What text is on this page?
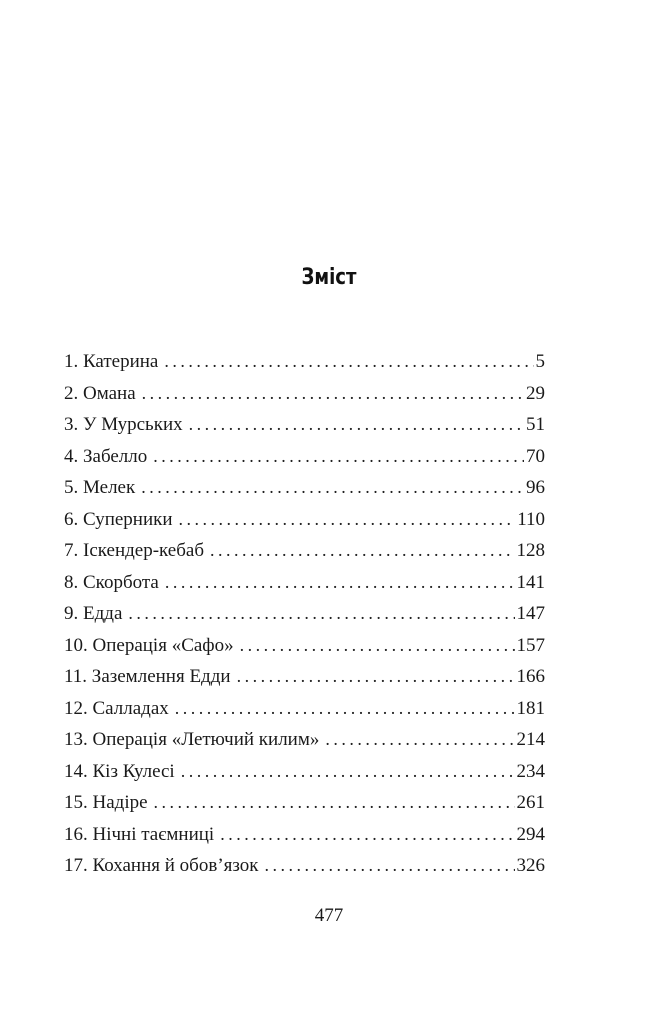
Зміст
1. Катерина . . .	5
2. Омана . . .	29
3. У Мурських . . .	51
4. Забелло . . .	70
5. Мелек . . .	96
6. Суперники . . .	110
7. Іскендер-кебаб . . .	128
8. Скорбота . . .	141
9. Едда . . .	147
10. Операція «Сафо» . . .	157
11. Заземлення Едди . . .	166
12. Салладах . . .	181
13. Операція «Летючий килим» . . .	214
14. Кіз Кулесі . . .	234
15. Надіре . . .	261
16. Нічні таємниці . . .	294
17. Кохання й обов’язок . . .	326
477
